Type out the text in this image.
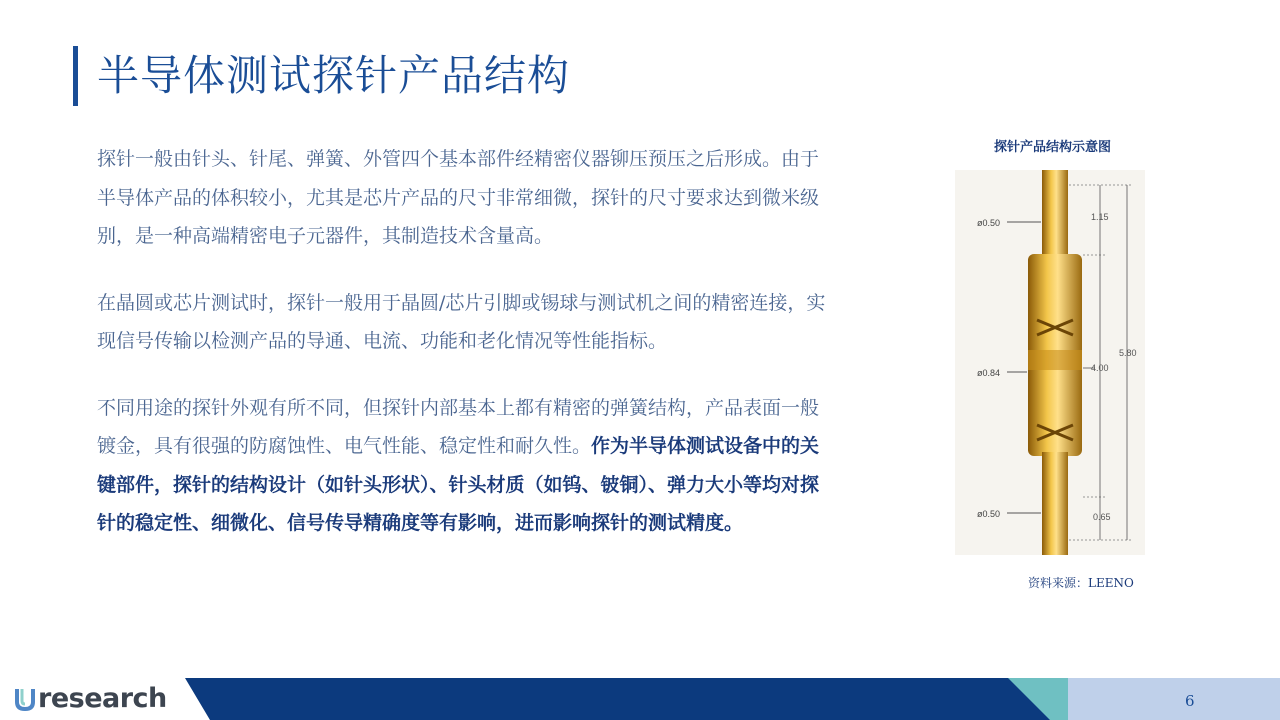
半导体测试探针产品结构

探针一般由针头、针尾、弹簧、外管四个基本部件经精密仪器铆压预压之后形成。由于半导体产品的体积较小，尤其是芯片产品的尺寸非常细微，探针的尺寸要求达到微米级别，是一种高端精密电子元器件，其制造技术含量高。

在晶圆或芯片测试时，探针一般用于晶圆/芯片引脚或锡球与测试机之间的精密连接，实现信号传输以检测产品的导通、电流、功能和老化情况等性能指标。

不同用途的探针外观有所不同，但探针内部基本上都有精密的弹簧结构，产品表面一般镀金，具有很强的防腐蚀性、电气性能、稳定性和耐久性。作为半导体测试设备中的关键部件，探针的结构设计（如针头形状）、针头材质（如钨、铍铜）、弹力大小等均对探针的稳定性、细微化、信号传导精确度等有影响，进而影响探针的测试精度。

探针产品结构示意图
ø0.50
ø0.84
ø0.50
1.15
4.00
5.80
0.65
资料来源：LEENO
research	6
